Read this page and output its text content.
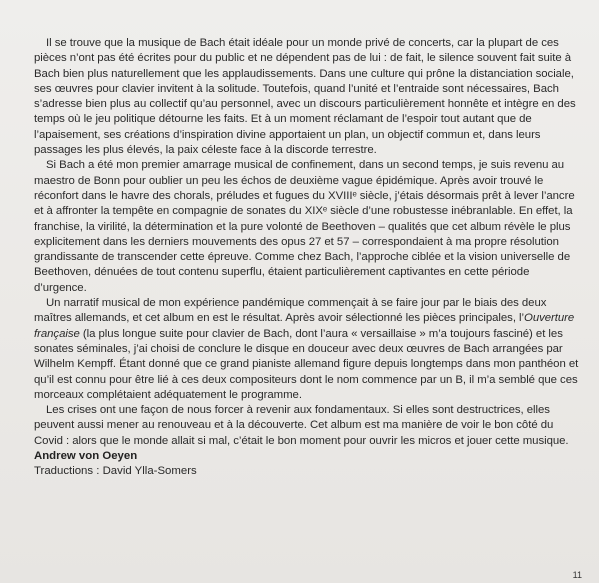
Il se trouve que la musique de Bach était idéale pour un monde privé de concerts, car la plupart de ces pièces n’ont pas été écrites pour du public et ne dépendent pas de lui : de fait, le silence souvent fait suite à Bach bien plus naturellement que les applaudissements. Dans une culture qui prône la distanciation sociale, ses œuvres pour clavier invitent à la solitude. Toutefois, quand l’unité et l’entraide sont nécessaires, Bach s’adresse bien plus au collectif qu’au personnel, avec un discours particulièrement honnête et intègre en des temps où le jeu politique détourne les faits. Et à un moment réclamant de l’espoir tout autant que de l’apaisement, ses créations d’inspiration divine apportaient un plan, un objectif commun et, dans leurs passages les plus élevés, la paix céleste face à la discorde terrestre.

Si Bach a été mon premier amarrage musical de confinement, dans un second temps, je suis revenu au maestro de Bonn pour oublier un peu les échos de deuxième vague épidémique. Après avoir trouvé le réconfort dans le havre des chorals, préludes et fugues du XVIIIᵉ siècle, j’étais désormais prêt à lever l’ancre et à affronter la tempête en compagnie de sonates du XIXᵉ siècle d’une robustesse inébranlable. En effet, la franchise, la virilité, la détermination et la pure volonté de Beethoven – qualités que cet album révèle le plus explicitement dans les derniers mouvements des opus 27 et 57 – correspondaient à ma propre résolution grandissante de transcender cette épreuve. Comme chez Bach, l’approche ciblée et la vision universelle de Beethoven, dénuées de tout contenu superflu, étaient particulièrement captivantes en cette période d’urgence.

Un narratif musical de mon expérience pandémique commençait à se faire jour par le biais des deux maîtres allemands, et cet album en est le résultat. Après avoir sélectionné les pièces principales, l’Ouverture française (la plus longue suite pour clavier de Bach, dont l’aura « versaillaise » m’a toujours fasciné) et les sonates séminales, j’ai choisi de conclure le disque en douceur avec deux œuvres de Bach arrangées par Wilhelm Kempff. Étant donné que ce grand pianiste allemand figure depuis longtemps dans mon panthéon et qu’il est connu pour être lié à ces deux compositeurs dont le nom commence par un B, il m’a semblé que ces morceaux complétaient adéquatement le programme.

Les crises ont une façon de nous forcer à revenir aux fondamentaux. Si elles sont destructrices, elles peuvent aussi mener au renouveau et à la découverte. Cet album est ma manière de voir le bon côté du Covid : alors que le monde allait si mal, c’était le bon moment pour ouvrir les micros et jouer cette musique.

Andrew von Oeyen

Traductions : David Ylla-Somers

11
